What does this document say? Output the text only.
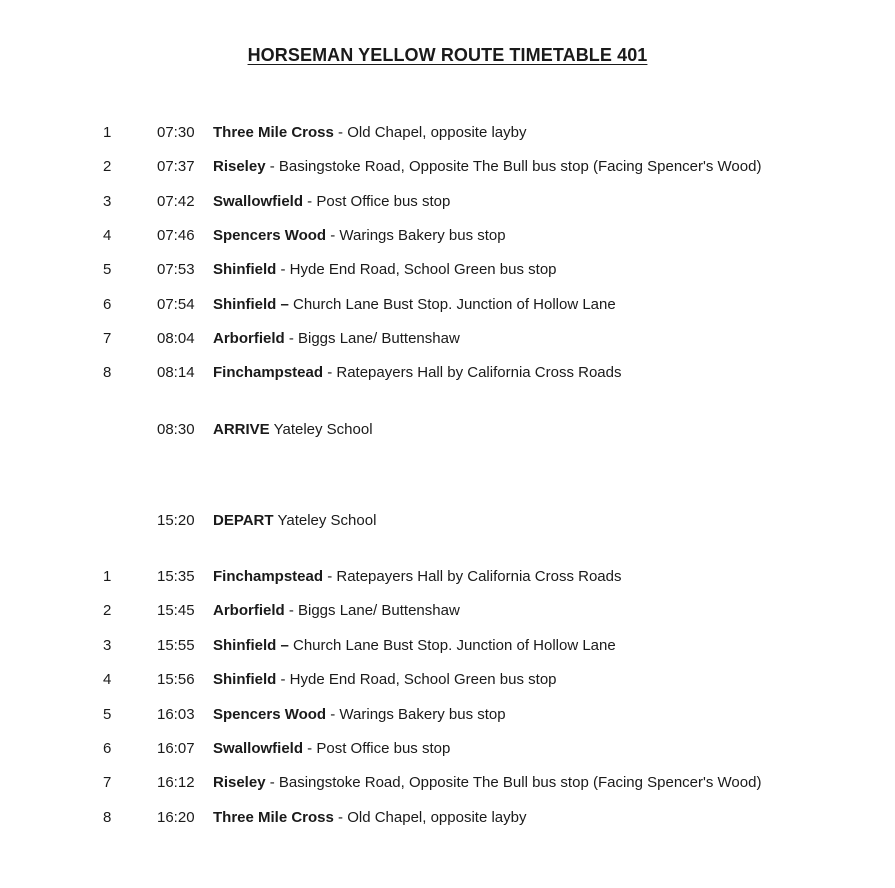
HORSEMAN YELLOW ROUTE TIMETABLE 401
1	07:30	Three Mile Cross - Old Chapel, opposite layby
2	07:37	Riseley - Basingstoke Road, Opposite The Bull bus stop (Facing Spencer's Wood)
3	07:42	Swallowfield - Post Office bus stop
4	07:46	Spencers Wood - Warings Bakery bus stop
5	07:53	Shinfield - Hyde End Road, School Green bus stop
6	07:54	Shinfield – Church Lane Bust Stop. Junction of Hollow Lane
7	08:04	Arborfield - Biggs Lane/ Buttenshaw
8	08:14	Finchampstead - Ratepayers Hall by California Cross Roads
08:30	ARRIVE Yateley School
15:20	DEPART Yateley School
1	15:35	Finchampstead - Ratepayers Hall by California Cross Roads
2	15:45	Arborfield - Biggs Lane/ Buttenshaw
3	15:55	Shinfield – Church Lane Bust Stop. Junction of Hollow Lane
4	15:56	Shinfield - Hyde End Road, School Green bus stop
5	16:03	Spencers Wood - Warings Bakery bus stop
6	16:07	Swallowfield - Post Office bus stop
7	16:12	Riseley - Basingstoke Road, Opposite The Bull bus stop (Facing Spencer's Wood)
8	16:20	Three Mile Cross - Old Chapel, opposite layby
